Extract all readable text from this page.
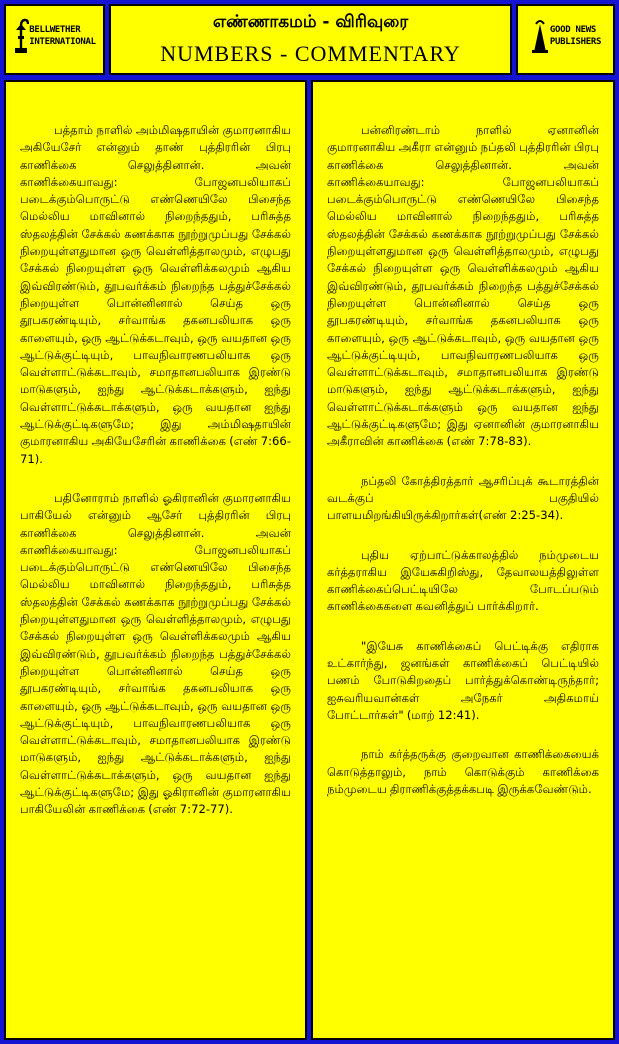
BELLWETHER
INTERNATIONAL
எண்ணாகமம் - விரிவுரை
NUMBERS - COMMENTARY
GOOD NEWS
PUBLISHERS

பத்தாம் நாளில் அம்மிஷதாயின் குமாரனாகிய அகியேசேர் என்னும் தாண் புத்திரரின் பிரபு காணிக்கை செலுத்தினான். அவன் காணிக்கையாவது: போஜனபலியாகப் படைக்கும்பொருட்டு எண்ணெயிலே பிசைந்த மெல்லிய மாவினால் நிறைந்ததும், பரிசுத்த ஸ்தலத்தின் சேக்கல் கணக்காக நூற்றுமுப்பது சேக்கல் நிறையுள்ளதுமான ஒரு வெள்ளித்தாலமும், எழுபது சேக்கல் நிறையுள்ள ஒரு வெள்ளிக்கலமும் ஆகிய இவ்விரண்டும், தூபவர்க்கம் நிறைந்த பத்துச்சேக்கல் நிறையுள்ள பொன்னினால் செய்த ஒரு தூபகரண்டியும், சர்வாங்க தகனபலியாக ஒரு காளையும், ஒரு ஆட்டுக்கடாவும், ஒரு வயதான ஒரு ஆட்டுக்குட்டியும், பாவநிவாரணபலியாக ஒரு வெள்ளாட்டுக்கடாவும், சமாதானபலியாக இரண்டு மாடுகளும், ஐந்து ஆட்டுக்கடாக்களும், ஐந்து வெள்ளாட்டுக்கடாக்களும், ஒரு வயதான ஐந்து ஆட்டுக்குட்டிகளுமே; இது அம்மிஷதாயின் குமாரனாகிய அகியேசேரின் காணிக்கை (எண் 7:66-71).

பதினோராம் நாளில் ஓகிரானின் குமாரனாகிய பாகியேல் என்னும் ஆசேர் புத்திரரின் பிரபு காணிக்கை செலுத்தினான். அவன் காணிக்கையாவது: போஜனபலியாகப் படைக்கும்பொருட்டு எண்ணெயிலே பிசைந்த மெல்லிய மாவினால் நிறைந்ததும், பரிசுத்த ஸ்தலத்தின் சேக்கல் கணக்காக நூற்றுமுப்பது சேக்கல் நிறையுள்ளதுமான ஒரு வெள்ளித்தாலமும், எழுபது சேக்கல் நிறையுள்ள ஒரு வெள்ளிக்கலமும் ஆகிய இவ்விரண்டும், தூபவர்க்கம் நிறைந்த பத்துச்சேக்கல் நிறையுள்ள பொன்னினால் செய்த ஒரு தூபகரண்டியும், சர்வாங்க தகனபலியாக ஒரு காளையும், ஒரு ஆட்டுக்கடாவும், ஒரு வயதான ஒரு ஆட்டுக்குட்டியும், பாவநிவாரணபலியாக ஒரு வெள்ளாட்டுக்கடாவும், சமாதானபலியாக இரண்டு மாடுகளும், ஐந்து ஆட்டுக்கடாக்களும், ஐந்து வெள்ளாட்டுக்கடாக்களும், ஒரு வயதான ஐந்து ஆட்டுக்குட்டிகளுமே; இது ஓகிரானின் குமாரனாகிய பாகியேலின் காணிக்கை (எண் 7:72-77).

பன்னிரண்டாம் நாளில் ஏனானின் குமாரனாகிய அகீரா என்னும் நப்தலி புத்திரரின் பிரபு காணிக்கை செலுத்தினான். அவன் காணிக்கையாவது: போஜனபலியாகப் படைக்கும்பொருட்டு எண்ணெயிலே பிசைந்த மெல்லிய மாவினால் நிறைந்ததும், பரிசுத்த ஸ்தலத்தின் சேக்கல் கணக்காக நூற்றுமுப்பது சேக்கல் நிறையுள்ளதுமான ஒரு வெள்ளித்தாலமும், எழுபது சேக்கல் நிறையுள்ள ஒரு வெள்ளிக்கலமும் ஆகிய இவ்விரண்டும், தூபவர்க்கம் நிறைந்த பத்துச்சேக்கல் நிறையுள்ள பொன்னினால் செய்த ஒரு தூபகரண்டியும், சர்வாங்க தகனபலியாக ஒரு காளையும், ஒரு ஆட்டுக்கடாவும், ஒரு வயதான ஒரு ஆட்டுக்குட்டியும், பாவநிவாரணபலியாக ஒரு வெள்ளாட்டுக்கடாவும், சமாதானபலியாக இரண்டு மாடுகளும், ஐந்து ஆட்டுக்கடாக்களும், ஐந்து வெள்ளாட்டுக்கடாக்களும் ஒரு வயதான ஐந்து ஆட்டுக்குட்டிகளுமே; இது ஏனானின் குமாரனாகிய அகீராவின் காணிக்கை (எண் 7:78-83).

நப்தலி கோத்திரத்தார் ஆசரிப்புக் கூடாரத்தின் வடக்குப் பகுதியில் பாளயமிறங்கியிருக்கிறார்கள்(எண் 2:25-34).

புதிய ஏற்பாட்டுக்காலத்தில் நம்முடைய கர்த்தராகிய இயேசுகிறிஸ்து, தேவாலயத்திலுள்ள காணிக்கைப்பெட்டியிலே போடப்படும் காணிக்கைகளை கவனித்துப் பார்க்கிறார்.

"இயேசு காணிக்கைப் பெட்டிக்கு எதிராக உட்கார்ந்து, ஜனங்கள் காணிக்கைப் பெட்டியில் பணம் போடுகிறதைப் பார்த்துக்கொண்டிருந்தார்; ஐசுவரியவான்கள் அநேகர் அதிகமாய் போட்டார்கள்" (மாற் 12:41).

நாம் கர்த்தருக்கு குறைவான காணிக்கையைக் கொடுத்தாலும், நாம் கொடுக்கும் காணிக்கை நம்முடைய திராணிக்குத்தக்கபடி இருக்கவேண்டும்.
